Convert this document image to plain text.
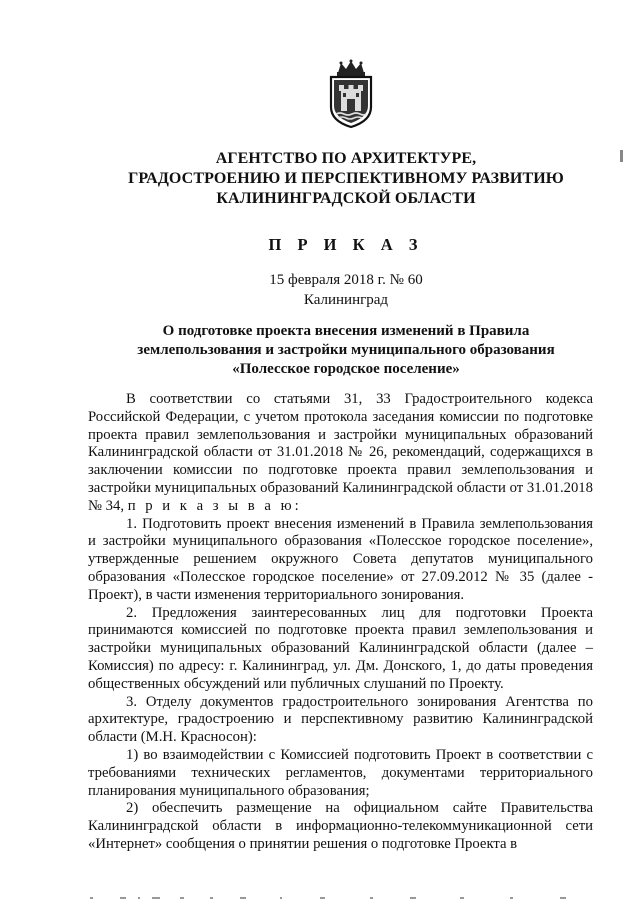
АГЕНТСТВО ПО АРХИТЕКТУРЕ,
ГРАДОСТРОЕНИЮ И ПЕРСПЕКТИВНОМУ РАЗВИТИЮ
КАЛИНИНГРАДСКОЙ ОБЛАСТИ
П Р И К А З
15 февраля 2018 г. № 60
Калининград
О подготовке проекта внесения изменений в Правила
землепользования и застройки муниципального образования
«Полесское городское поселение»

В соответствии со статьями 31, 33 Градостроительного кодекса Российской Федерации, с учетом протокола заседания комиссии по подготовке проекта правил землепользования и застройки муниципальных образований Калининградской области от 31.01.2018 № 26, рекомендаций, содержащихся в заключении комиссии по подготовке проекта правил землепользования и застройки муниципальных образований Калининградской области от 31.01.2018 № 34, п р и к а з ы в а ю:

1. Подготовить проект внесения изменений в Правила землепользования и застройки муниципального образования «Полесское городское поселение», утвержденные решением окружного Совета депутатов муниципального образования «Полесское городское поселение» от 27.09.2012 № 35 (далее - Проект), в части изменения территориального зонирования.

2. Предложения заинтересованных лиц для подготовки Проекта принимаются комиссией по подготовке проекта правил землепользования и застройки муниципальных образований Калининградской области (далее – Комиссия) по адресу: г. Калининград, ул. Дм. Донского, 1, до даты проведения общественных обсуждений или публичных слушаний по Проекту.

3. Отделу документов градостроительного зонирования Агентства по архитектуре, градостроению и перспективному развитию Калининградской области (М.Н. Красносон):

1) во взаимодействии с Комиссией подготовить Проект в соответствии с требованиями технических регламентов, документами территориального планирования муниципального образования;

2) обеспечить размещение на официальном сайте Правительства Калининградской области в информационно-телекоммуникационной сети «Интернет» сообщения о принятии решения о подготовке Проекта в
